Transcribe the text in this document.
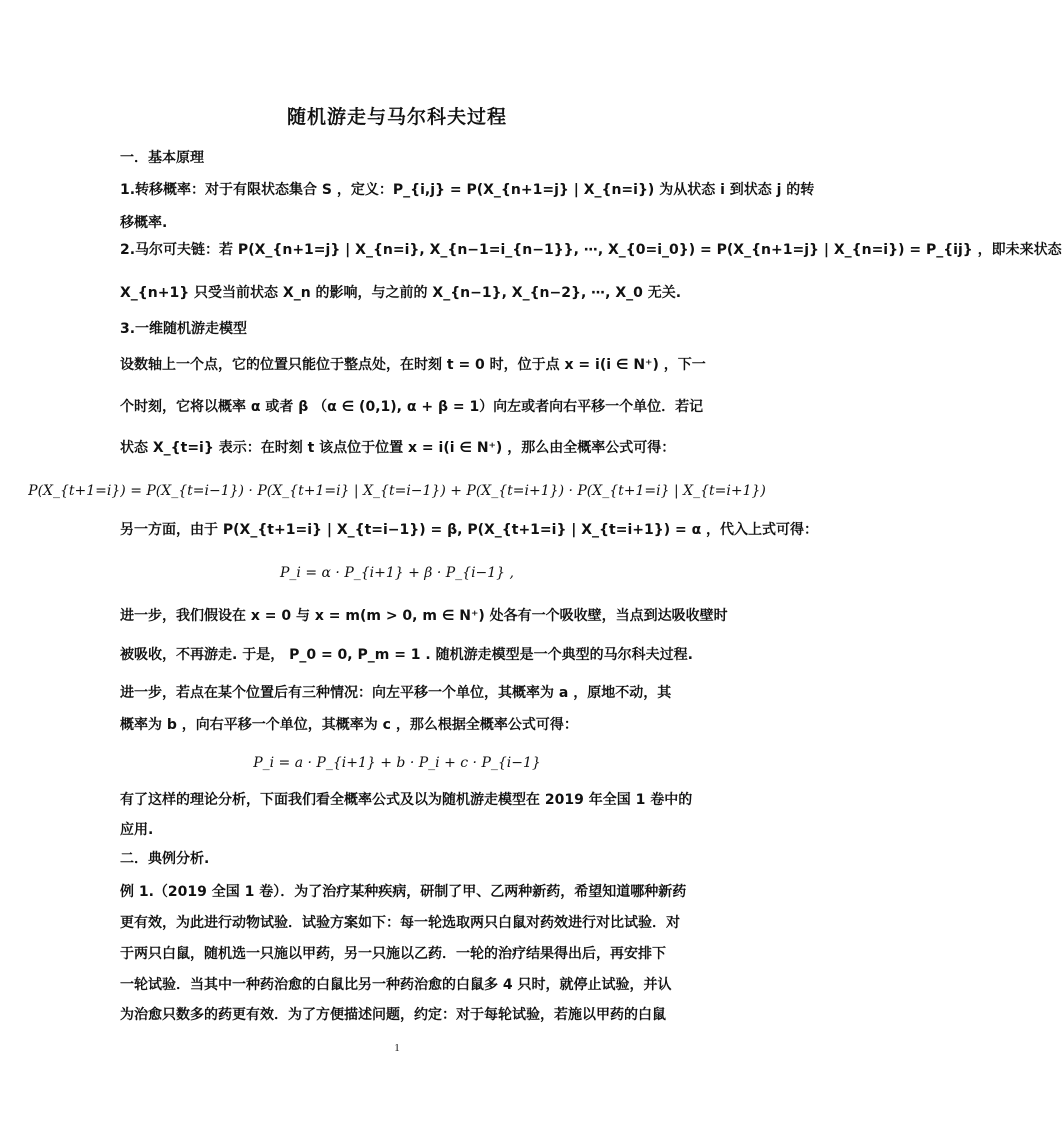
随机游走与马尔科夫过程
一．基本原理
1.转移概率：对于有限状态集合 S ，定义：P_{i,j} = P(X_{n+1=j} | X_{n=i}) 为从状态 i 到状态 j 的转
移概率.
2.马尔可夫链：若 P(X_{n+1=j} | X_{n=i}, X_{n−1=i_{n−1}}, ⋯, X_{0=i_0}) = P(X_{n+1=j} | X_{n=i}) = P_{ij} ，即未来状态
X_{n+1} 只受当前状态 X_n 的影响，与之前的 X_{n−1}, X_{n−2}, ⋯, X_0 无关.
3.一维随机游走模型
设数轴上一个点，它的位置只能位于整点处，在时刻 t = 0 时，位于点 x = i(i ∈ N⁺) ，下一
个时刻，它将以概率 α 或者 β （α ∈ (0,1), α + β = 1）向左或者向右平移一个单位．若记
状态 X_{t=i} 表示：在时刻 t 该点位于位置 x = i(i ∈ N⁺) ，那么由全概率公式可得：
P(X_{t+1=i}) = P(X_{t=i−1}) · P(X_{t+1=i} | X_{t=i−1}) + P(X_{t=i+1}) · P(X_{t+1=i} | X_{t=i+1})
另一方面，由于 P(X_{t+1=i} | X_{t=i−1}) = β, P(X_{t+1=i} | X_{t=i+1}) = α ，代入上式可得：
P_i = α · P_{i+1} + β · P_{i−1} ,
进一步，我们假设在 x = 0 与 x = m(m > 0, m ∈ N⁺) 处各有一个吸收壁，当点到达吸收壁时
被吸收，不再游走. 于是， P_0 = 0, P_m = 1 . 随机游走模型是一个典型的马尔科夫过程.
进一步，若点在某个位置后有三种情况：向左平移一个单位，其概率为 a ，原地不动，其
概率为 b ，向右平移一个单位，其概率为 c ，那么根据全概率公式可得：
P_i = a · P_{i+1} + b · P_i + c · P_{i−1}
有了这样的理论分析，下面我们看全概率公式及以为随机游走模型在 2019 年全国 1 卷中的
应用.
二．典例分析.
例 1.（2019 全国 1 卷）．为了治疗某种疾病，研制了甲、乙两种新药，希望知道哪种新药
更有效，为此进行动物试验．试验方案如下：每一轮选取两只白鼠对药效进行对比试验．对
于两只白鼠，随机选一只施以甲药，另一只施以乙药．一轮的治疗结果得出后，再安排下
一轮试验．当其中一种药治愈的白鼠比另一种药治愈的白鼠多 4 只时，就停止试验，并认
为治愈只数多的药更有效．为了方便描述问题，约定：对于每轮试验，若施以甲药的白鼠
1
